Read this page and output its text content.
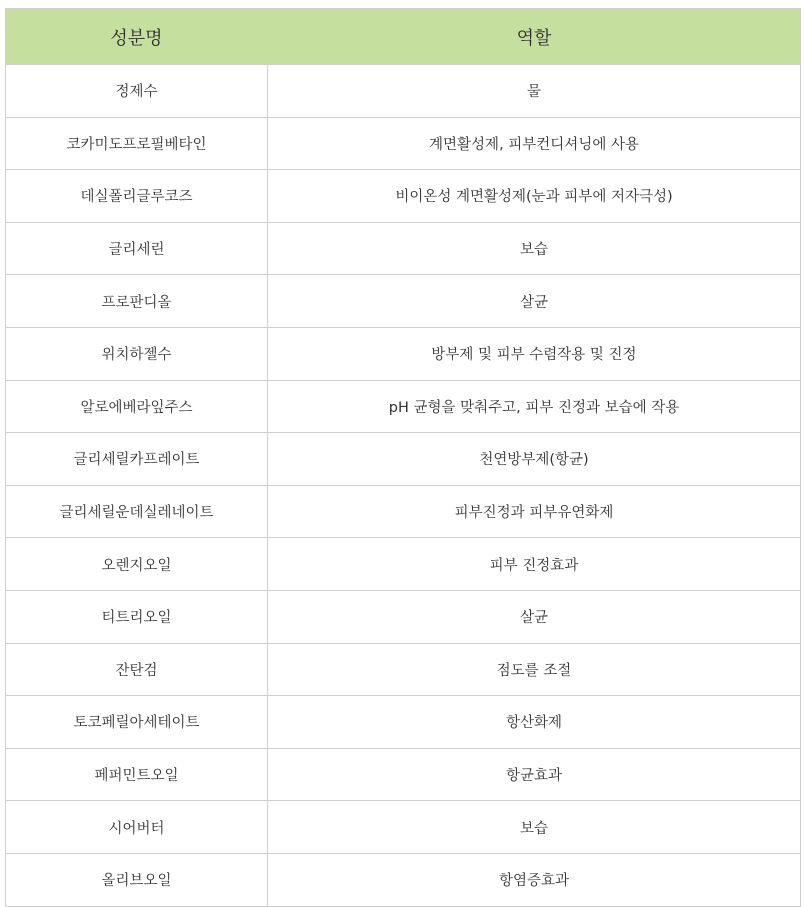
성분명	역할
정제수	물
코카미도프로필베타인	계면활성제, 피부컨디셔닝에 사용
데실폴리글루코즈	비이온성 계면활성제(눈과 피부에 저자극성)
글리세린	보습
프로판디올	살균
위치하젤수	방부제 및 피부 수렴작용 및 진정
알로에베라잎주스	pH 균형을 맞춰주고, 피부 진정과 보습에 작용
글리세릴카프레이트	천연방부제(항균)
글리세릴운데실레네이트	피부진정과 피부유연화제
오렌지오일	피부 진정효과
티트리오일	살균
잔탄검	점도를 조절
토코페릴아세테이트	항산화제
페퍼민트오일	항균효과
시어버터	보습
올리브오일	항염증효과
